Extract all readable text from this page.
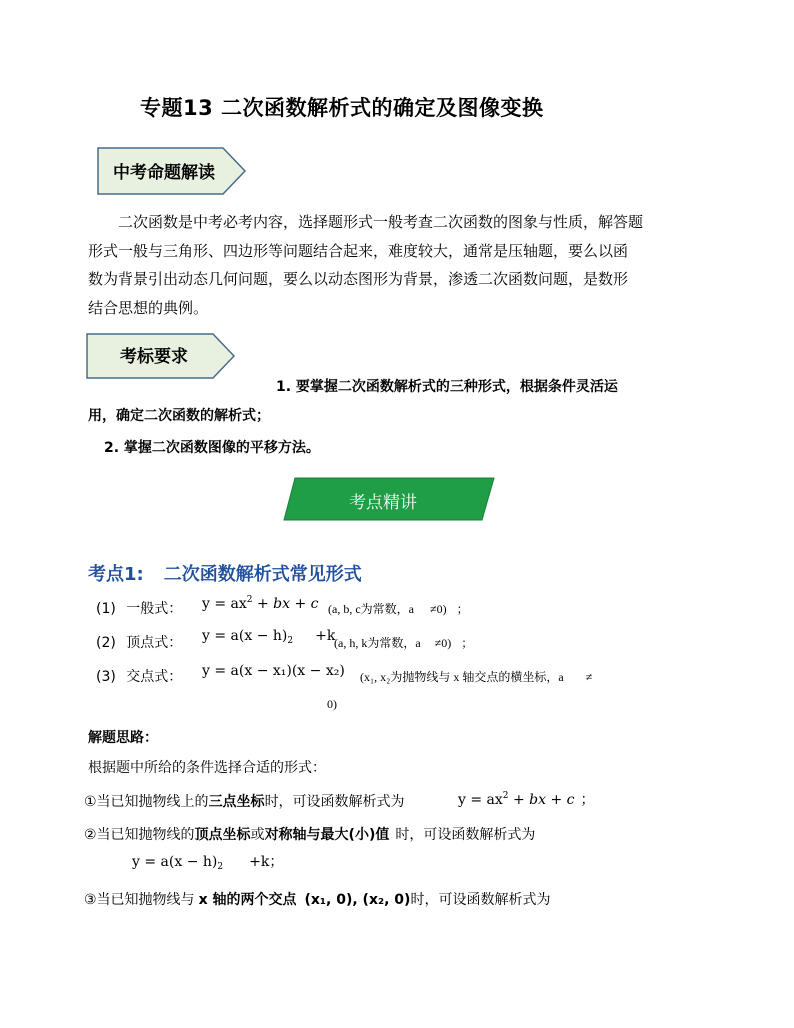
专题13 二次函数解析式的确定及图像变换
中考命题解读
二次函数是中考必考内容，选择题形式一般考查二次函数的图象与性质，解答题
形式一般与三角形、四边形等问题结合起来，难度较大，通常是压轴题，要么以函
数为背景引出动态几何问题，要么以动态图形为背景，渗透二次函数问题，是数形
结合思想的典例。
考标要求
1. 要掌握二次函数解析式的三种形式，根据条件灵活运
用，确定二次函数的解析式；
2. 掌握二次函数图像的平移方法。
考点精讲
考点1: 二次函数解析式常见形式
(1) 一般式： $y = ax^2$ + bx + c (a, b, c为常数，a ≠0) ；
(2) 顶点式： $y = a(x - h)_2 +k$
(a, h, k为常数，a ≠0) ；
(3) 交点式： y = a(x − x₁)(x − x₂) (x₁, x₂为抛物线与 x 轴交点的横坐标，a ≠
0)
解题思路：
根据题中所给的条件选择合适的形式：
①当已知抛物线上的三点坐标时，可设函数解析式为	$y = ax^2$ + bx + c ；
②当已知抛物线的顶点坐标或对称轴与最大(小)值 时，可设函数解析式为
$y = a(x - h)_2 +k$；
③当已知抛物线与 x 轴的两个交点 (x₁, 0), (x₂, 0)时，可设函数解析式为
